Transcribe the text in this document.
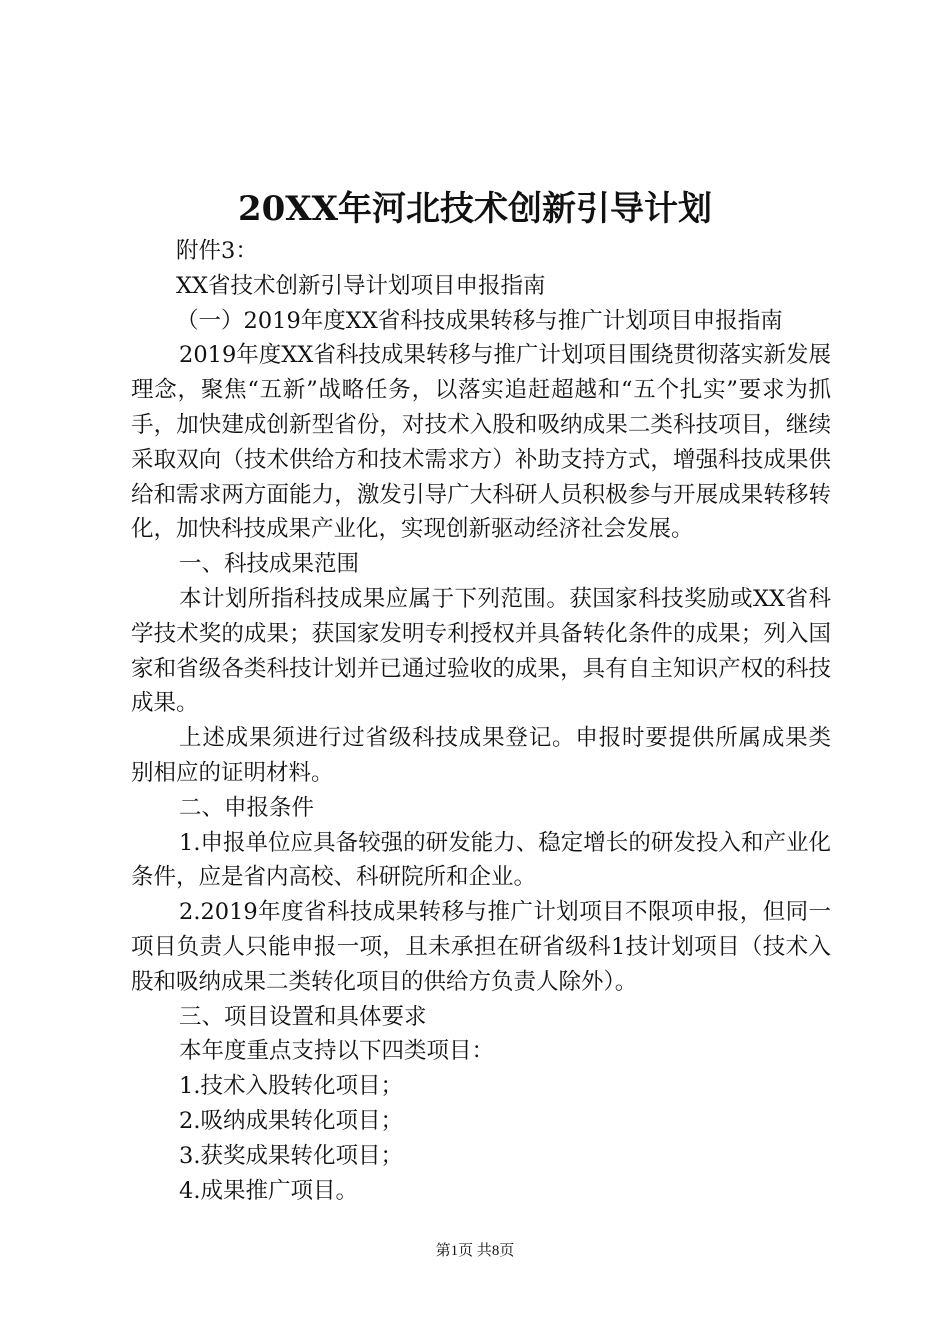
20XX年河北技术创新引导计划

附件3：

XX省技术创新引导计划项目申报指南

（一）2019年度XX省科技成果转移与推广计划项目申报指南

2019年度XX省科技成果转移与推广计划项目围绕贯彻落实新发展理念，聚焦“五新”战略任务，以落实追赶超越和“五个扎实”要求为抓手，加快建成创新型省份，对技术入股和吸纳成果二类科技项目，继续采取双向（技术供给方和技术需求方）补助支持方式，增强科技成果供给和需求两方面能力，激发引导广大科研人员积极参与开展成果转移转化，加快科技成果产业化，实现创新驱动经济社会发展。

一、科技成果范围

本计划所指科技成果应属于下列范围。获国家科技奖励或XX省科学技术奖的成果；获国家发明专利授权并具备转化条件的成果；列入国家和省级各类科技计划并已通过验收的成果，具有自主知识产权的科技成果。

上述成果须进行过省级科技成果登记。申报时要提供所属成果类别相应的证明材料。

二、申报条件

1.申报单位应具备较强的研发能力、稳定增长的研发投入和产业化条件，应是省内高校、科研院所和企业。

2.2019年度省科技成果转移与推广计划项目不限项申报，但同一项目负责人只能申报一项，且未承担在研省级科1技计划项目（技术入股和吸纳成果二类转化项目的供给方负责人除外）。

三、项目设置和具体要求

本年度重点支持以下四类项目：

1.技术入股转化项目；

2.吸纳成果转化项目；

3.获奖成果转化项目；

4.成果推广项目。

第1页 共8页
